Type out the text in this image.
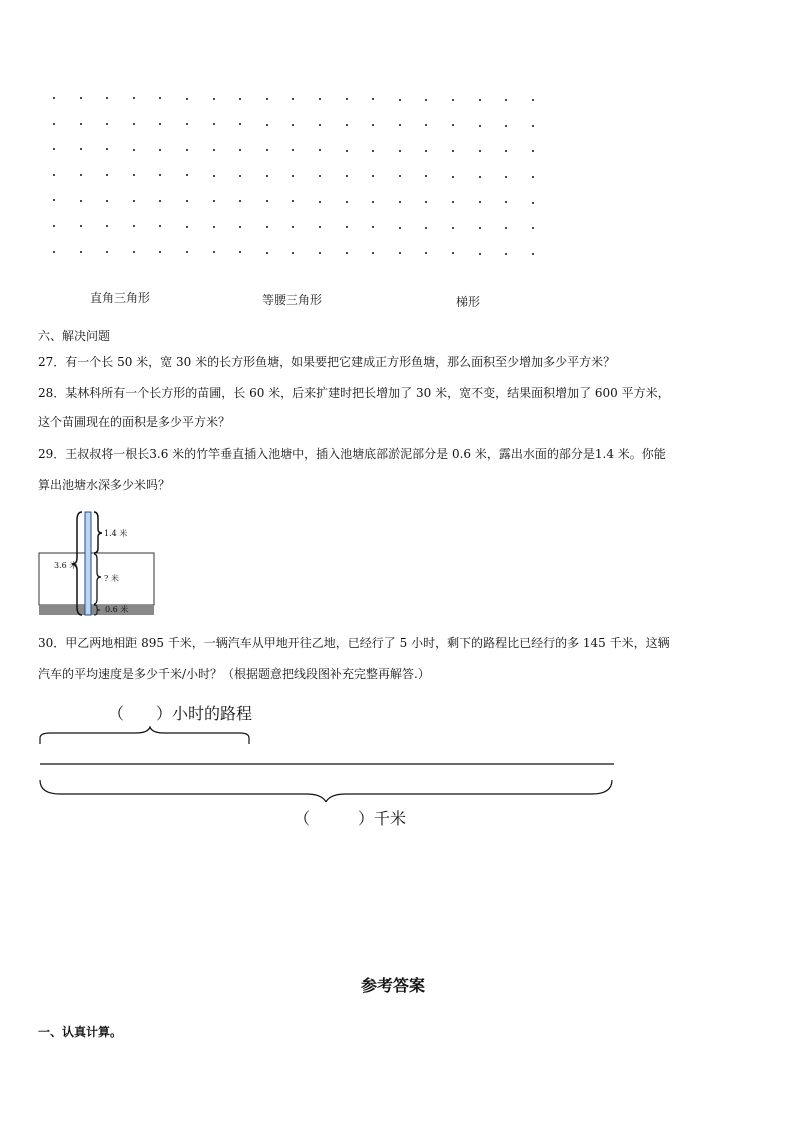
直角三角形	等腰三角形	梯形
六、解决问题
27．有一个长 50 米，宽 30 米的长方形鱼塘，如果要把它建成正方形鱼塘，那么面积至少增加多少平方米？
28．某林科所有一个长方形的苗圃，长 60 米，后来扩建时把长增加了 30 米，宽不变，结果面积增加了 600 平方米，
这个苗圃现在的面积是多少平方米？
29．王叔叔将一根长3.6 米的竹竿垂直插入池塘中，插入池塘底部淤泥部分是 0.6 米，露出水面的部分是1.4 米。你能
算出池塘水深多少米吗？
3.6 米
1.4 米
? 米
0.6 米
30．甲乙两地相距 895 千米，一辆汽车从甲地开往乙地，已经行了 5 小时，剩下的路程比已经行的多 145 千米，这辆
汽车的平均速度是多少千米/小时？（根据题意把线段图补充完整再解答.）
（　　）小时的路程
（　　　）千米
参考答案
一、认真计算。
